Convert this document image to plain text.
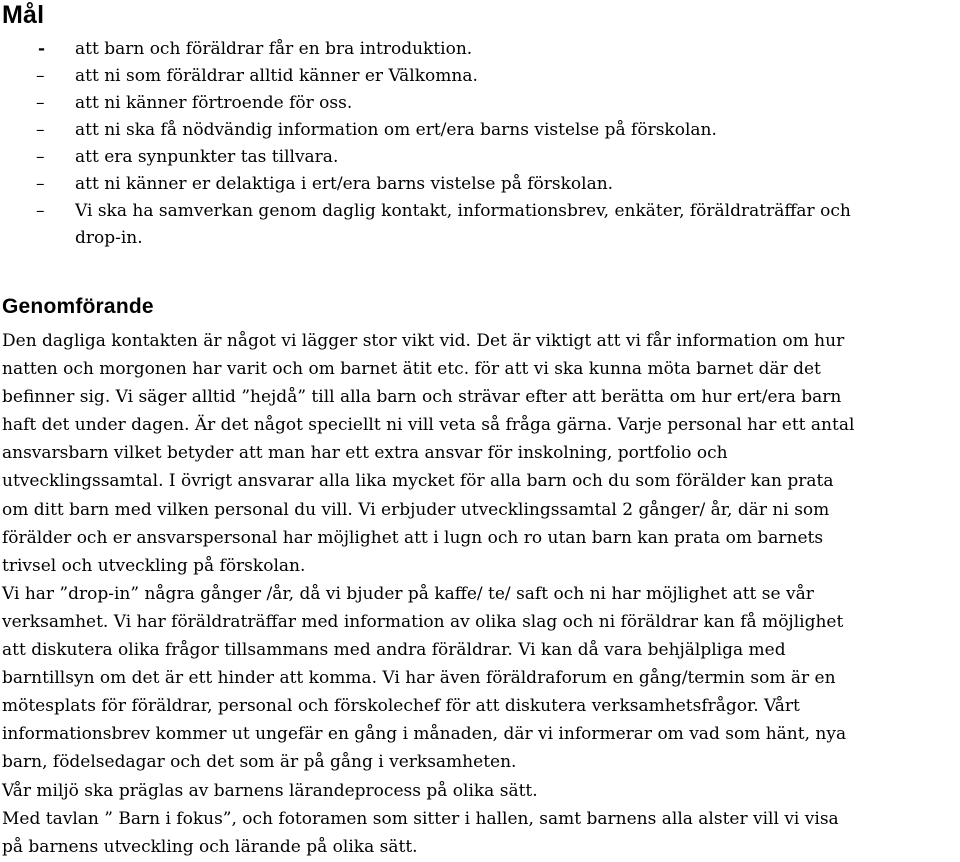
Mål
-	att barn och föräldrar får en bra introduktion.
–	att ni som föräldrar alltid känner er Välkomna.
–	att ni känner förtroende för oss.
–	att ni ska få nödvändig information om ert/era barns vistelse på förskolan.
–	att era synpunkter tas tillvara.
–	att ni känner er delaktiga i ert/era barns vistelse på förskolan.
–	Vi ska ha samverkan genom daglig kontakt, informationsbrev, enkäter, föräldraträffar och
drop-in.
Genomförande
Den dagliga kontakten är något vi lägger stor vikt vid. Det är viktigt att vi får information om hur
natten och morgonen har varit och om barnet ätit etc. för att vi ska kunna möta barnet där det
befinner sig. Vi säger alltid ”hejdå” till alla barn och strävar efter att berätta om hur ert/era barn
haft det under dagen. Är det något speciellt ni vill veta så fråga gärna. Varje personal har ett antal
ansvarsbarn vilket betyder att man har ett extra ansvar för inskolning, portfolio och
utvecklingssamtal. I övrigt ansvarar alla lika mycket för alla barn och du som förälder kan prata
om ditt barn med vilken personal du vill. Vi erbjuder utvecklingssamtal 2 gånger/ år, där ni som
förälder och er ansvarspersonal har möjlighet att i lugn och ro utan barn kan prata om barnets
trivsel och utveckling på förskolan.
Vi har ”drop-in” några gånger /år, då vi bjuder på kaffe/ te/ saft och ni har möjlighet att se vår
verksamhet. Vi har föräldraträffar med information av olika slag och ni föräldrar kan få möjlighet
att diskutera olika frågor tillsammans med andra föräldrar. Vi kan då vara behjälpliga med
barntillsyn om det är ett hinder att komma. Vi har även föräldraforum en gång/termin som är en
mötesplats för föräldrar, personal och förskolechef för att diskutera verksamhetsfrågor. Vårt
informationsbrev kommer ut ungefär en gång i månaden, där vi informerar om vad som hänt, nya
barn, födelsedagar och det som är på gång i verksamheten.
Vår miljö ska präglas av barnens lärandeprocess på olika sätt.
Med tavlan ” Barn i fokus”, och fotoramen som sitter i hallen, samt barnens alla alster vill vi visa
på barnens utveckling och lärande på olika sätt.
